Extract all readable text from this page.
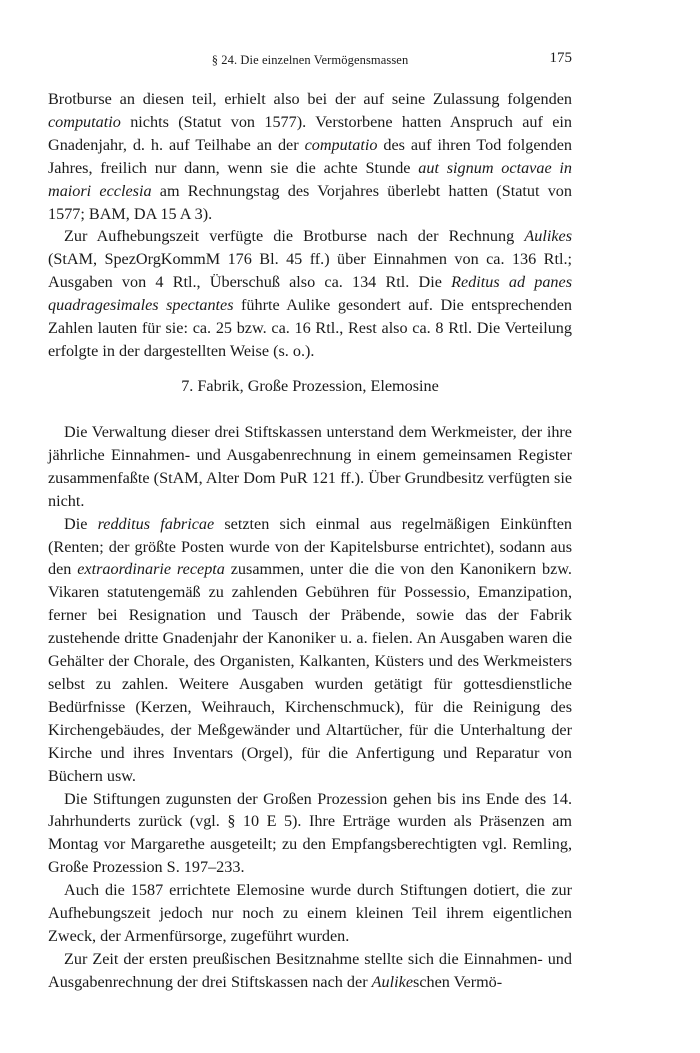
§ 24. Die einzelnen Vermögensmassen	175

Brotburse an diesen teil, erhielt also bei der auf seine Zulassung folgenden computatio nichts (Statut von 1577). Verstorbene hatten Anspruch auf ein Gnadenjahr, d. h. auf Teilhabe an der computatio des auf ihren Tod folgenden Jahres, freilich nur dann, wenn sie die achte Stunde aut signum octavae in maiori ecclesia am Rechnungstag des Vorjahres überlebt hatten (Statut von 1577; BAM, DA 15 A 3).

Zur Aufhebungszeit verfügte die Brotburse nach der Rechnung Aulikes (StAM, SpezOrgKommM 176 Bl. 45 ff.) über Einnahmen von ca. 136 Rtl.; Ausgaben von 4 Rtl., Überschuß also ca. 134 Rtl. Die Reditus ad panes quadragesimales spectantes führte Aulike gesondert auf. Die entsprechenden Zahlen lauten für sie: ca. 25 bzw. ca. 16 Rtl., Rest also ca. 8 Rtl. Die Verteilung erfolgte in der dargestellten Weise (s. o.).

7. Fabrik, Große Prozession, Elemosine

Die Verwaltung dieser drei Stiftskassen unterstand dem Werkmeister, der ihre jährliche Einnahmen- und Ausgabenrechnung in einem gemeinsamen Register zusammenfaßte (StAM, Alter Dom PuR 121 ff.). Über Grundbesitz verfügten sie nicht.

Die redditus fabricae setzten sich einmal aus regelmäßigen Einkünften (Renten; der größte Posten wurde von der Kapitelsburse entrichtet), sodann aus den extraordinarie recepta zusammen, unter die die von den Kanonikern bzw. Vikaren statutengemäß zu zahlenden Gebühren für Possessio, Emanzipation, ferner bei Resignation und Tausch der Präbende, sowie das der Fabrik zustehende dritte Gnadenjahr der Kanoniker u. a. fielen. An Ausgaben waren die Gehälter der Chorale, des Organisten, Kalkanten, Küsters und des Werkmeisters selbst zu zahlen. Weitere Ausgaben wurden getätigt für gottesdienstliche Bedürfnisse (Kerzen, Weihrauch, Kirchenschmuck), für die Reinigung des Kirchengebäudes, der Meßgewänder und Altartücher, für die Unterhaltung der Kirche und ihres Inventars (Orgel), für die Anfertigung und Reparatur von Büchern usw.

Die Stiftungen zugunsten der Großen Prozession gehen bis ins Ende des 14. Jahrhunderts zurück (vgl. § 10 E 5). Ihre Erträge wurden als Präsenzen am Montag vor Margarethe ausgeteilt; zu den Empfangsberechtigten vgl. Remling, Große Prozession S. 197–233.

Auch die 1587 errichtete Elemosine wurde durch Stiftungen dotiert, die zur Aufhebungszeit jedoch nur noch zu einem kleinen Teil ihrem eigentlichen Zweck, der Armenfürsorge, zugeführt wurden.

Zur Zeit der ersten preußischen Besitznahme stellte sich die Einnahmen- und Ausgabenrechnung der drei Stiftskassen nach der Aulikeschen Vermö-
